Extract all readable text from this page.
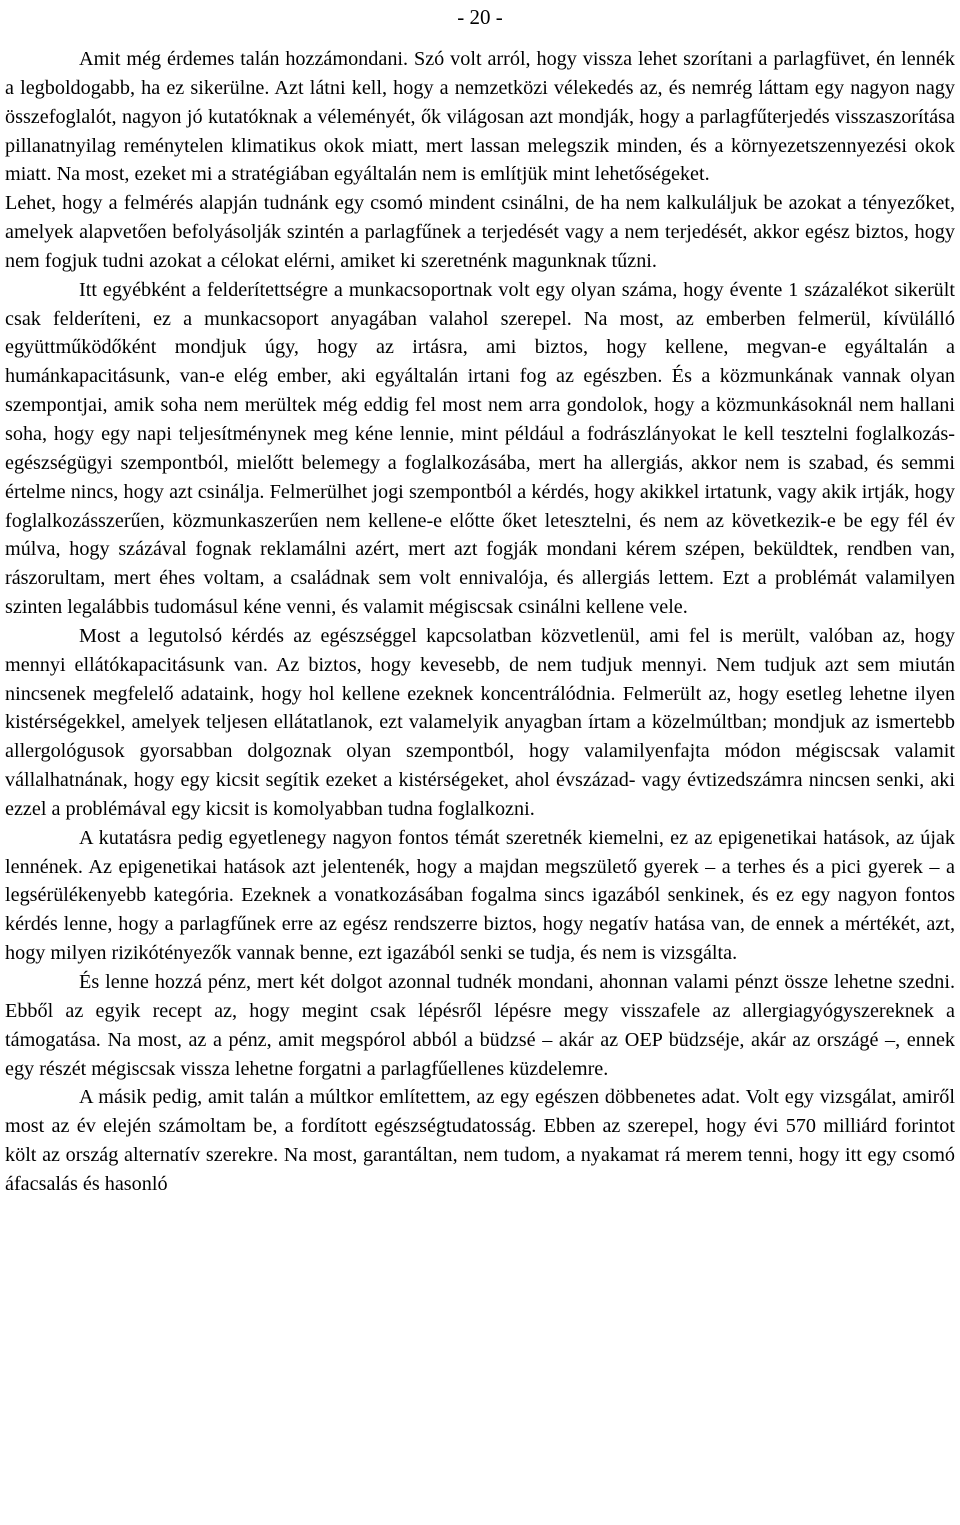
- 20 -

Amit még érdemes talán hozzámondani. Szó volt arról, hogy vissza lehet szorítani a parlagfüvet, én lennék a legboldogabb, ha ez sikerülne. Azt látni kell, hogy a nemzetközi vélekedés az, és nemrég láttam egy nagyon nagy összefoglalót, nagyon jó kutatóknak a véleményét, ők világosan azt mondják, hogy a parlagfűterjedés visszaszorítása pillanatnyilag reménytelen klimatikus okok miatt, mert lassan melegszik minden, és a környezetszennyezési okok miatt. Na most, ezeket mi a stratégiában egyáltalán nem is említjük mint lehetőségeket.

Lehet, hogy a felmérés alapján tudnánk egy csomó mindent csinálni, de ha nem kalkuláljuk be azokat a tényezőket, amelyek alapvetően befolyásolják szintén a parlagfűnek a terjedését vagy a nem terjedését, akkor egész biztos, hogy nem fogjuk tudni azokat a célokat elérni, amiket ki szeretnénk magunknak tűzni.

Itt egyébként a felderítettségre a munkacsoportnak volt egy olyan száma, hogy évente 1 százalékot sikerült csak felderíteni, ez a munkacsoport anyagában valahol szerepel. Na most, az emberben felmerül, kívülálló együttműködőként mondjuk úgy, hogy az irtásra, ami biztos, hogy kellene, megvan-e egyáltalán a humánkapacitásunk, van-e elég ember, aki egyáltalán irtani fog az egészben. És a közmunkának vannak olyan szempontjai, amik soha nem merültek még eddig fel most nem arra gondolok, hogy a közmunkásoknál nem hallani soha, hogy egy napi teljesítménynek meg kéne lennie, mint például a fodrászlányokat le kell tesztelni foglalkozás-egészségügyi szempontból, mielőtt belemegy a foglalkozásába, mert ha allergiás, akkor nem is szabad, és semmi értelme nincs, hogy azt csinálja. Felmerülhet jogi szempontból a kérdés, hogy akikkel irtatunk, vagy akik irtják, hogy foglalkozásszerűen, közmunkaszerűen nem kellene-e előtte őket letesztelni, és nem az következik-e be egy fél év múlva, hogy százával fognak reklamálni azért, mert azt fogják mondani kérem szépen, beküldtek, rendben van, rászorultam, mert éhes voltam, a családnak sem volt ennivalója, és allergiás lettem. Ezt a problémát valamilyen szinten legalábbis tudomásul kéne venni, és valamit mégiscsak csinálni kellene vele.

Most a legutolsó kérdés az egészséggel kapcsolatban közvetlenül, ami fel is merült, valóban az, hogy mennyi ellátókapacitásunk van. Az biztos, hogy kevesebb, de nem tudjuk mennyi. Nem tudjuk azt sem miután nincsenek megfelelő adataink, hogy hol kellene ezeknek koncentrálódnia. Felmerült az, hogy esetleg lehetne ilyen kistérségekkel, amelyek teljesen ellátatlanok, ezt valamelyik anyagban írtam a közelmúltban; mondjuk az ismertebb allergológusok gyorsabban dolgoznak olyan szempontból, hogy valamilyenfajta módon mégiscsak valamit vállalhatnának, hogy egy kicsit segítik ezeket a kistérségeket, ahol évszázad- vagy évtizedszámra nincsen senki, aki ezzel a problémával egy kicsit is komolyabban tudna foglalkozni.

A kutatásra pedig egyetlenegy nagyon fontos témát szeretnék kiemelni, ez az epigenetikai hatások, az újak lennének. Az epigenetikai hatások azt jelentenék, hogy a majdan megszülető gyerek – a terhes és a pici gyerek – a legsérülékenyebb kategória. Ezeknek a vonatkozásában fogalma sincs igazából senkinek, és ez egy nagyon fontos kérdés lenne, hogy a parlagfűnek erre az egész rendszerre biztos, hogy negatív hatása van, de ennek a mértékét, azt, hogy milyen rizikótényezők vannak benne, ezt igazából senki se tudja, és nem is vizsgálta.

És lenne hozzá pénz, mert két dolgot azonnal tudnék mondani, ahonnan valami pénzt össze lehetne szedni. Ebből az egyik recept az, hogy megint csak lépésről lépésre megy visszafele az allergiagyógyszereknek a támogatása. Na most, az a pénz, amit megspórol abból a büdzsé – akár az OEP büdzséje, akár az országé –, ennek egy részét mégiscsak vissza lehetne forgatni a parlagfűellenes küzdelemre.

A másik pedig, amit talán a múltkor említettem, az egy egészen döbbenetes adat. Volt egy vizsgálat, amiről most az év elején számoltam be, a fordított egészségtudatosság. Ebben az szerepel, hogy évi 570 milliárd forintot költ az ország alternatív szerekre. Na most, garantáltan, nem tudom, a nyakamat rá merem tenni, hogy itt egy csomó áfacsalás és hasonló
